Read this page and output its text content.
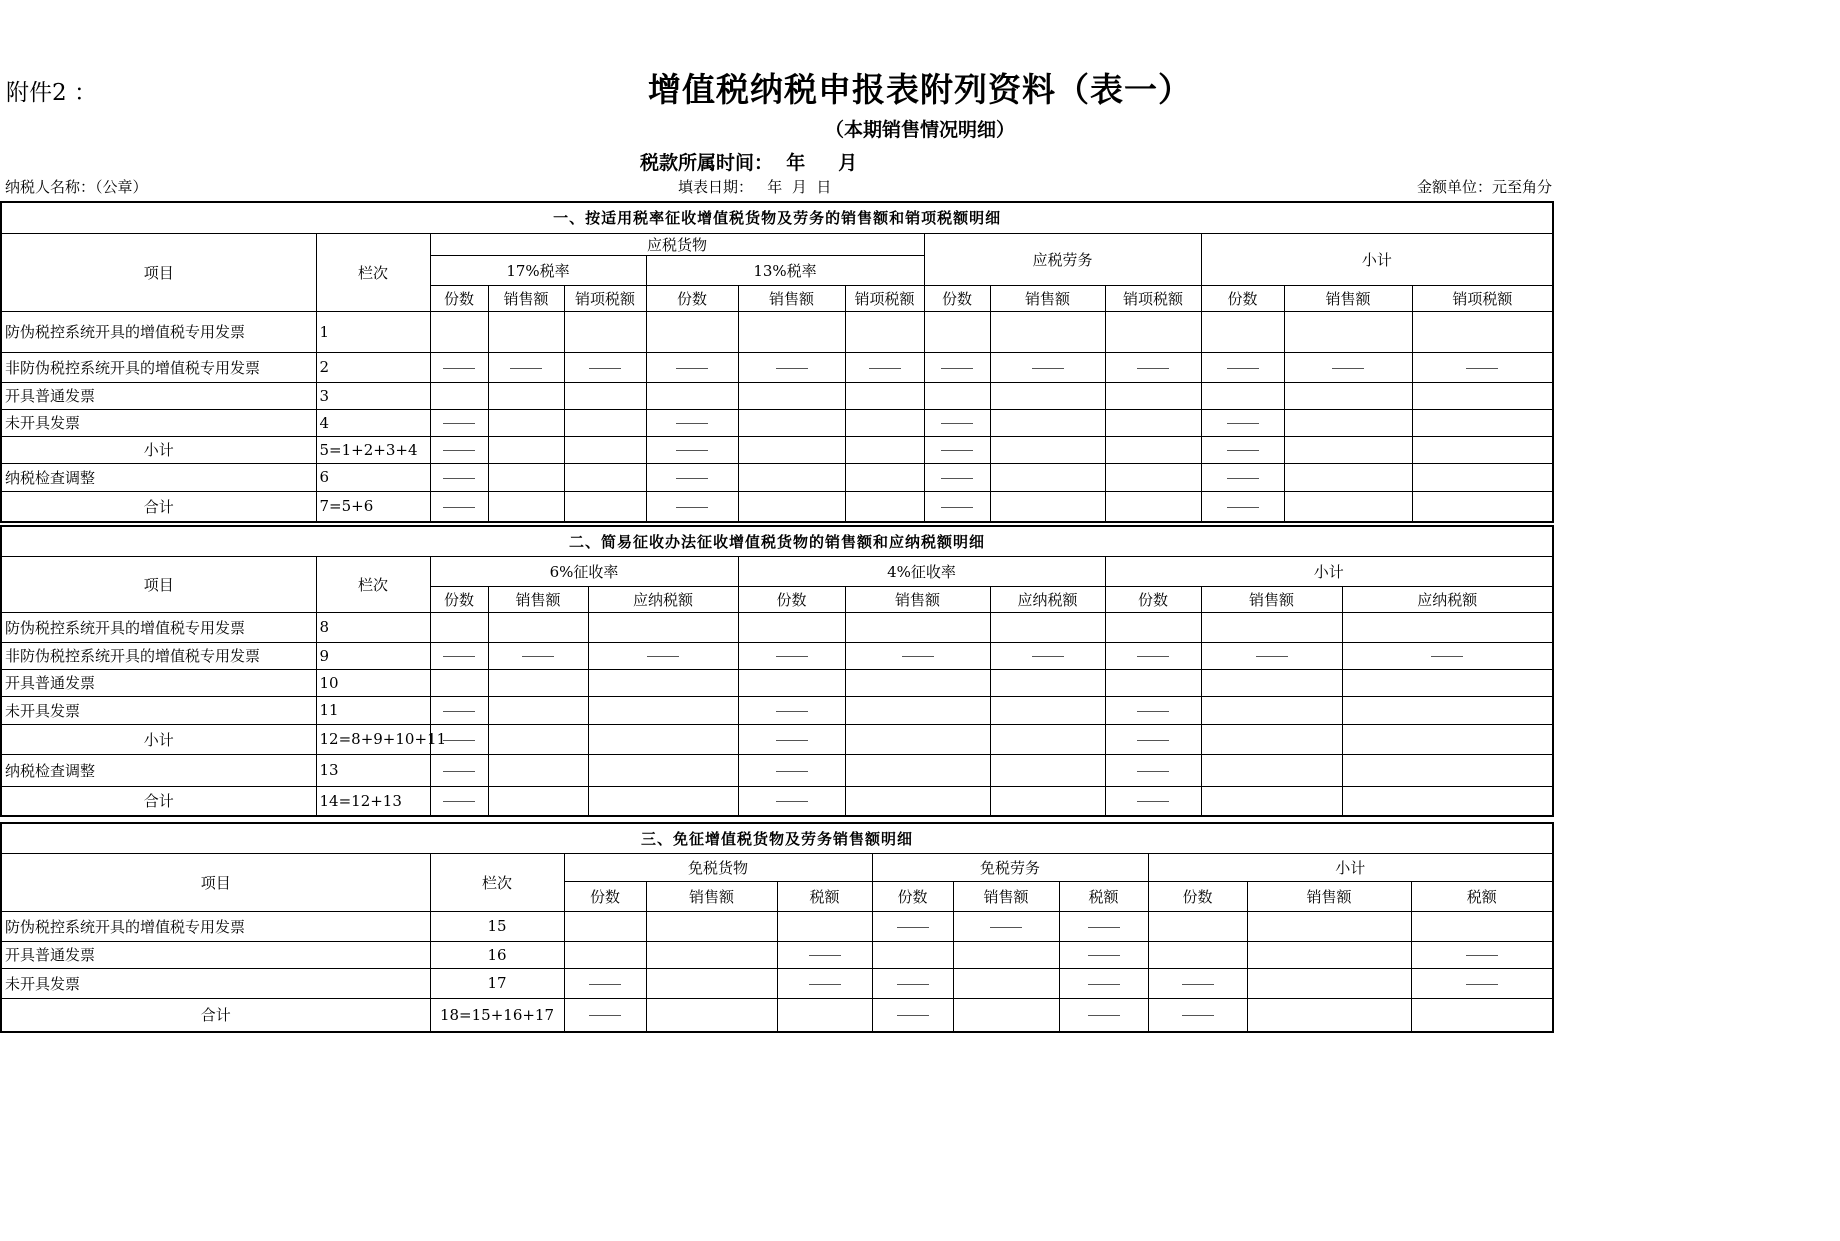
附件2 ：	增值税纳税申报表附列资料（表一）
（本期销售情况明细）
税款所属时间：  年     月
纳税人名称：（公章）	填表日期：   年  月  日	金额单位：元至角分
一、按适用税率征收增值税货物及劳务的销售额和销项税额明细													
项目	栏次	应税货物						应税劳务			小计		
		17%税率			13%税率								
		份数	销售额	销项税额	份数	销售额	销项税额	份数	销售额	销项税额	份数	销售额	销项税额
防伪税控系统开具的增值税专用发票	1												
非防伪税控系统开具的增值税专用发票	2												
开具普通发票	3												
未开具发票	4												
小计	5=1+2+3+4												
纳税检查调整	6												
合计	7=5+6												
二、简易征收办法征收增值税货物的销售额和应纳税额明细										
项目	栏次	6%征收率			4%征收率			小计		
		份数	销售额	应纳税额	份数	销售额	应纳税额	份数	销售额	应纳税额
防伪税控系统开具的增值税专用发票	8									
非防伪税控系统开具的增值税专用发票	9									
开具普通发票	10									
未开具发票	11									
小计	12=8+9+10+11									
纳税检查调整	13									
合计	14=12+13									
三、免征增值税货物及劳务销售额明细										
项目	栏次	免税货物			免税劳务			小计		
		份数	销售额	税额	份数	销售额	税额	份数	销售额	税额
防伪税控系统开具的增值税专用发票	15									
开具普通发票	16									
未开具发票	17									
合计	18=15+16+17									
